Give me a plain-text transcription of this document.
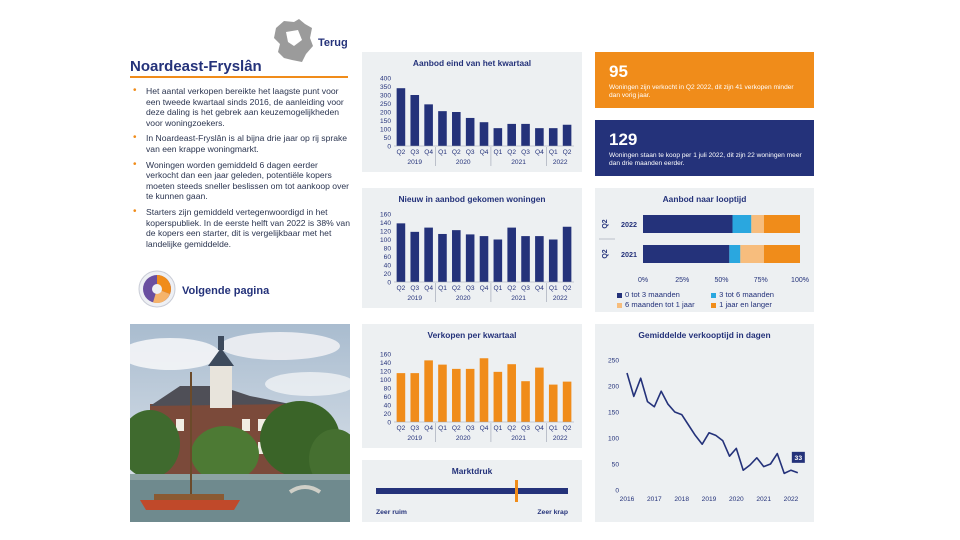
Terug
Noardeast-Fryslân
• Het aantal verkopen bereikte het laagste punt voor een tweede kwartaal sinds 2016, de aanleiding voor deze daling is het gebrek aan keuzemogelijkheden voor woningzoekers.
• In Noardeast-Fryslân is al bijna drie jaar op rij sprake van een krappe woningmarkt.
• Woningen worden gemiddeld 6 dagen eerder verkocht dan een jaar geleden, potentiële kopers moeten steeds sneller beslissen om tot aankoop over te kunnen gaan.
• Starters zijn gemiddeld vertegenwoordigd in het koperspubliek. In de eerste helft van 2022 is 38% van de kopers een starter, dit is vergelijkbaar met het landelijke gemiddelde.
Volgende pagina
Aanbod eind van het kwartaal
0
50
100
150
200
250
300
350
400
Q2 Q3 Q4 Q1 Q2 Q3 Q4 Q1 Q2 Q3 Q4 Q1 Q2
2019	2020	2021	2022
Nieuw in aanbod gekomen woningen
0
20
40
60
80
100
120
140
160
Q2 Q3 Q4 Q1 Q2 Q3 Q4 Q1 Q2 Q3 Q4 Q1 Q2
2019	2020	2021	2022
Verkopen per kwartaal
0
20
40
60
80
100
120
140
160
Q2 Q3 Q4 Q1 Q2 Q3 Q4 Q1 Q2 Q3 Q4 Q1 Q2
2019	2020	2021	2022
Marktdruk
Zeer ruim	Zeer krap
95
Woningen zijn verkocht in Q2 2022, dit zijn 41 verkopen minder dan vorig jaar.
129
Woningen staan te koop per 1 juli 2022, dit zijn 22 woningen meer dan drie maanden eerder.
Aanbod naar looptijd
2022
Q2
2021
Q2
0%	25%	50%	75%	100%
0 tot 3 maanden	3 tot 6 maanden 6 maanden tot 1 jaar	1 jaar en langer
Gemiddelde verkooptijd in dagen
0
50
100
150
200
250
2016 2017 2018 2019 2020 2021 2022
33
